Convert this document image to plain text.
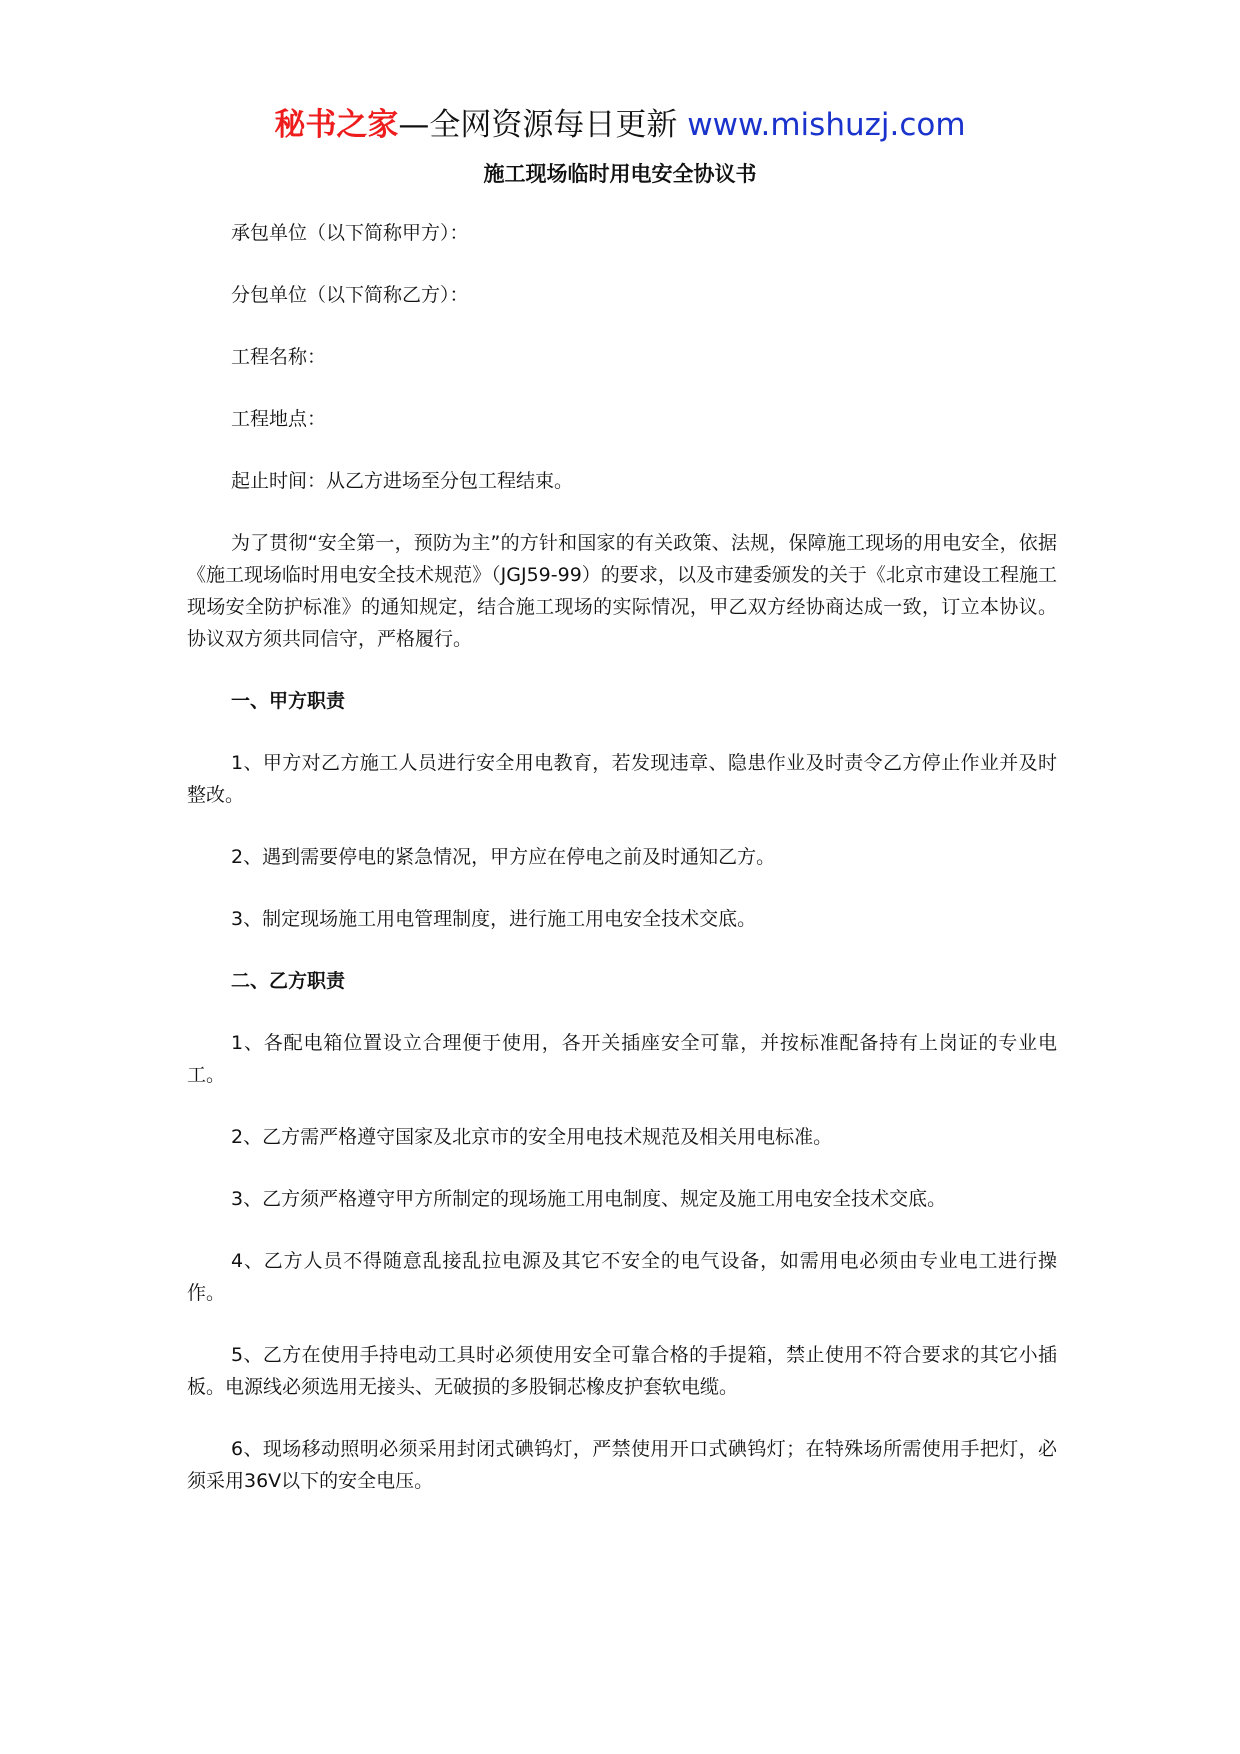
秘书之家—全网资源每日更新 www.mishuzj.com
施工现场临时用电安全协议书

承包单位（以下简称甲方）：

分包单位（以下简称乙方）：

工程名称：

工程地点：

起止时间：从乙方进场至分包工程结束。

为了贯彻“安全第一，预防为主”的方针和国家的有关政策、法规，保障施工现场的用电安全，依据《施工现场临时用电安全技术规范》（JGJ59-99）的要求，以及市建委颁发的关于《北京市建设工程施工现场安全防护标准》的通知规定，结合施工现场的实际情况，甲乙双方经协商达成一致，订立本协议。协议双方须共同信守，严格履行。

一、甲方职责

1、甲方对乙方施工人员进行安全用电教育，若发现违章、隐患作业及时责令乙方停止作业并及时整改。

2、遇到需要停电的紧急情况，甲方应在停电之前及时通知乙方。

3、制定现场施工用电管理制度，进行施工用电安全技术交底。

二、乙方职责

1、各配电箱位置设立合理便于使用，各开关插座安全可靠，并按标准配备持有上岗证的专业电工。

2、乙方需严格遵守国家及北京市的安全用电技术规范及相关用电标准。

3、乙方须严格遵守甲方所制定的现场施工用电制度、规定及施工用电安全技术交底。

4、乙方人员不得随意乱接乱拉电源及其它不安全的电气设备，如需用电必须由专业电工进行操作。

5、乙方在使用手持电动工具时必须使用安全可靠合格的手提箱，禁止使用不符合要求的其它小插板。电源线必须选用无接头、无破损的多股铜芯橡皮护套软电缆。

6、现场移动照明必须采用封闭式碘钨灯，严禁使用开口式碘钨灯；在特殊场所需使用手把灯，必须采用36V以下的安全电压。
